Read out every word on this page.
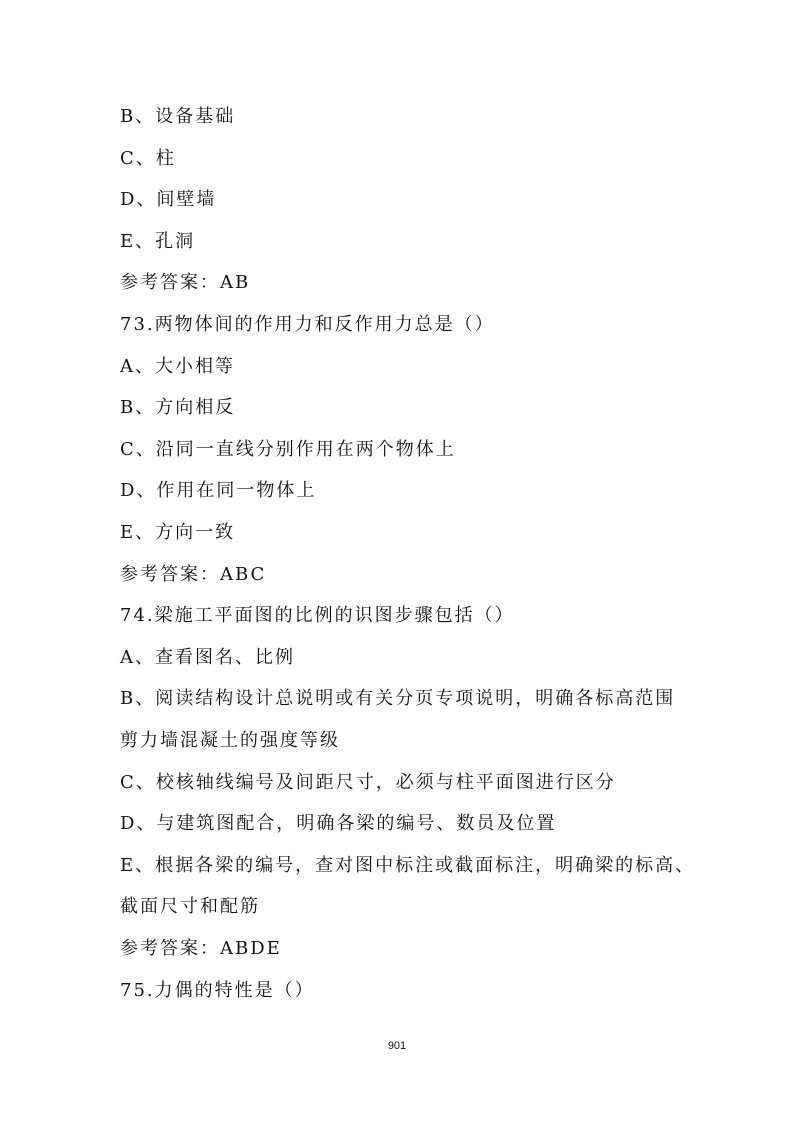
B、设备基础
C、柱
D、间壁墙
E、孔洞
参考答案：AB
73.两物体间的作用力和反作用力总是（）
A、大小相等
B、方向相反
C、沿同一直线分别作用在两个物体上
D、作用在同一物体上
E、方向一致
参考答案：ABC
74.梁施工平面图的比例的识图步骤包括（）
A、查看图名、比例
B、阅读结构设计总说明或有关分页专项说明，明确各标高范围
剪力墙混凝土的强度等级
C、校核轴线编号及间距尺寸，必须与柱平面图进行区分
D、与建筑图配合，明确各梁的编号、数员及位置
E、根据各梁的编号，查对图中标注或截面标注，明确梁的标高、
截面尺寸和配筋
参考答案：ABDE
75.力偶的特性是（）
901
